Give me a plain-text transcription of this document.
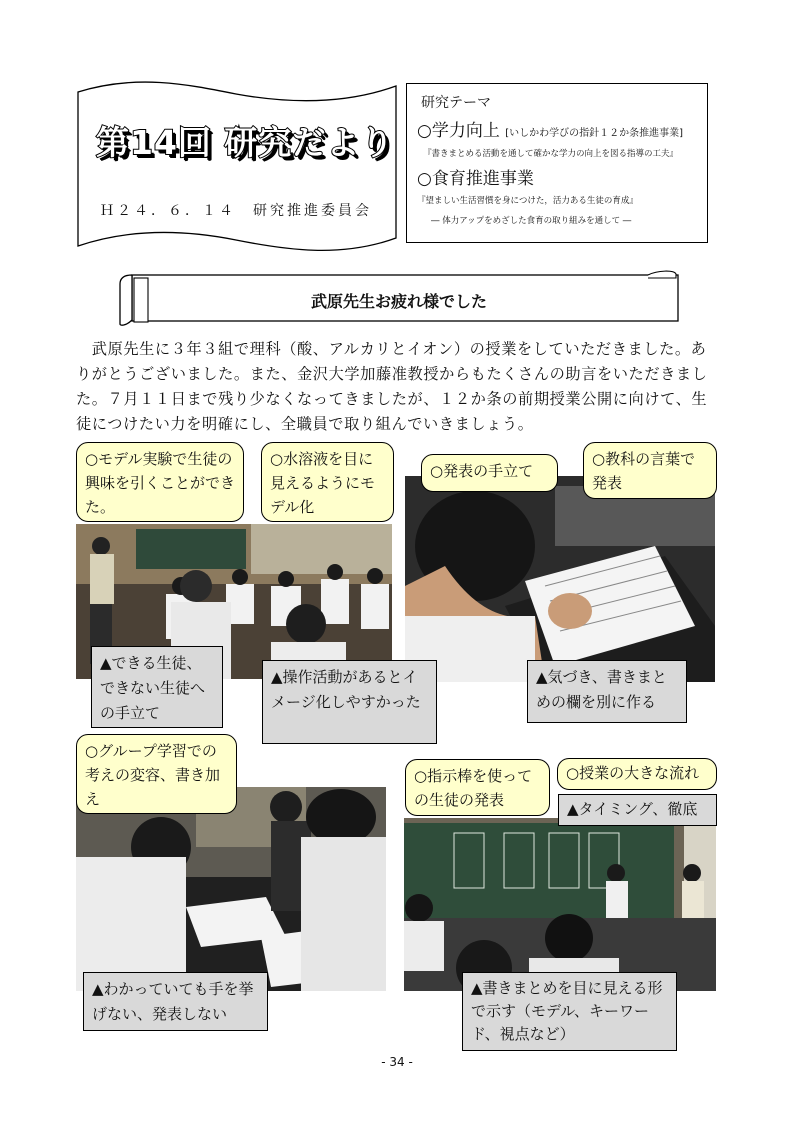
第14回 研究だより
Ｈ２４．６．１４　研究推進委員会
研究テーマ
○学力向上 [いしかわ学びの指針１２か条推進事業]
『書きまとめる活動を通して確かな学力の向上を図る指導の工夫』
○食育推進事業
『望ましい生活習慣を身につけた，活力ある生徒の育成』
― 体力アップをめざした食育の取り組みを通して ―
武原先生お疲れ様でした
　武原先生に３年３組で理科（酸、アルカリとイオン）の授業をしていただきました。ありがとうございました。また、金沢大学加藤准教授からもたくさんの助言をいただきました。７月１１日まで残り少なくなってきましたが、１２か条の前期授業公開に向けて、生徒につけたい力を明確にし、全職員で取り組んでいきましょう。
○モデル実験で生徒の興味を引くことができた。
○水溶液を目に見えるようにモデル化
○発表の手立て
○教科の言葉で発表
○グループ学習での考えの変容、書き加え
○指示棒を使っての生徒の発表
○授業の大きな流れ
▲できる生徒、できない生徒への手立て
▲操作活動があるとイメージ化しやすかった
▲気づき、書きまとめの欄を別に作る
▲タイミング、徹底
▲わかっていても手を挙げない、発表しない
▲書きまとめを目に見える形で示す（モデル、キーワード、視点など）
- 34 -
